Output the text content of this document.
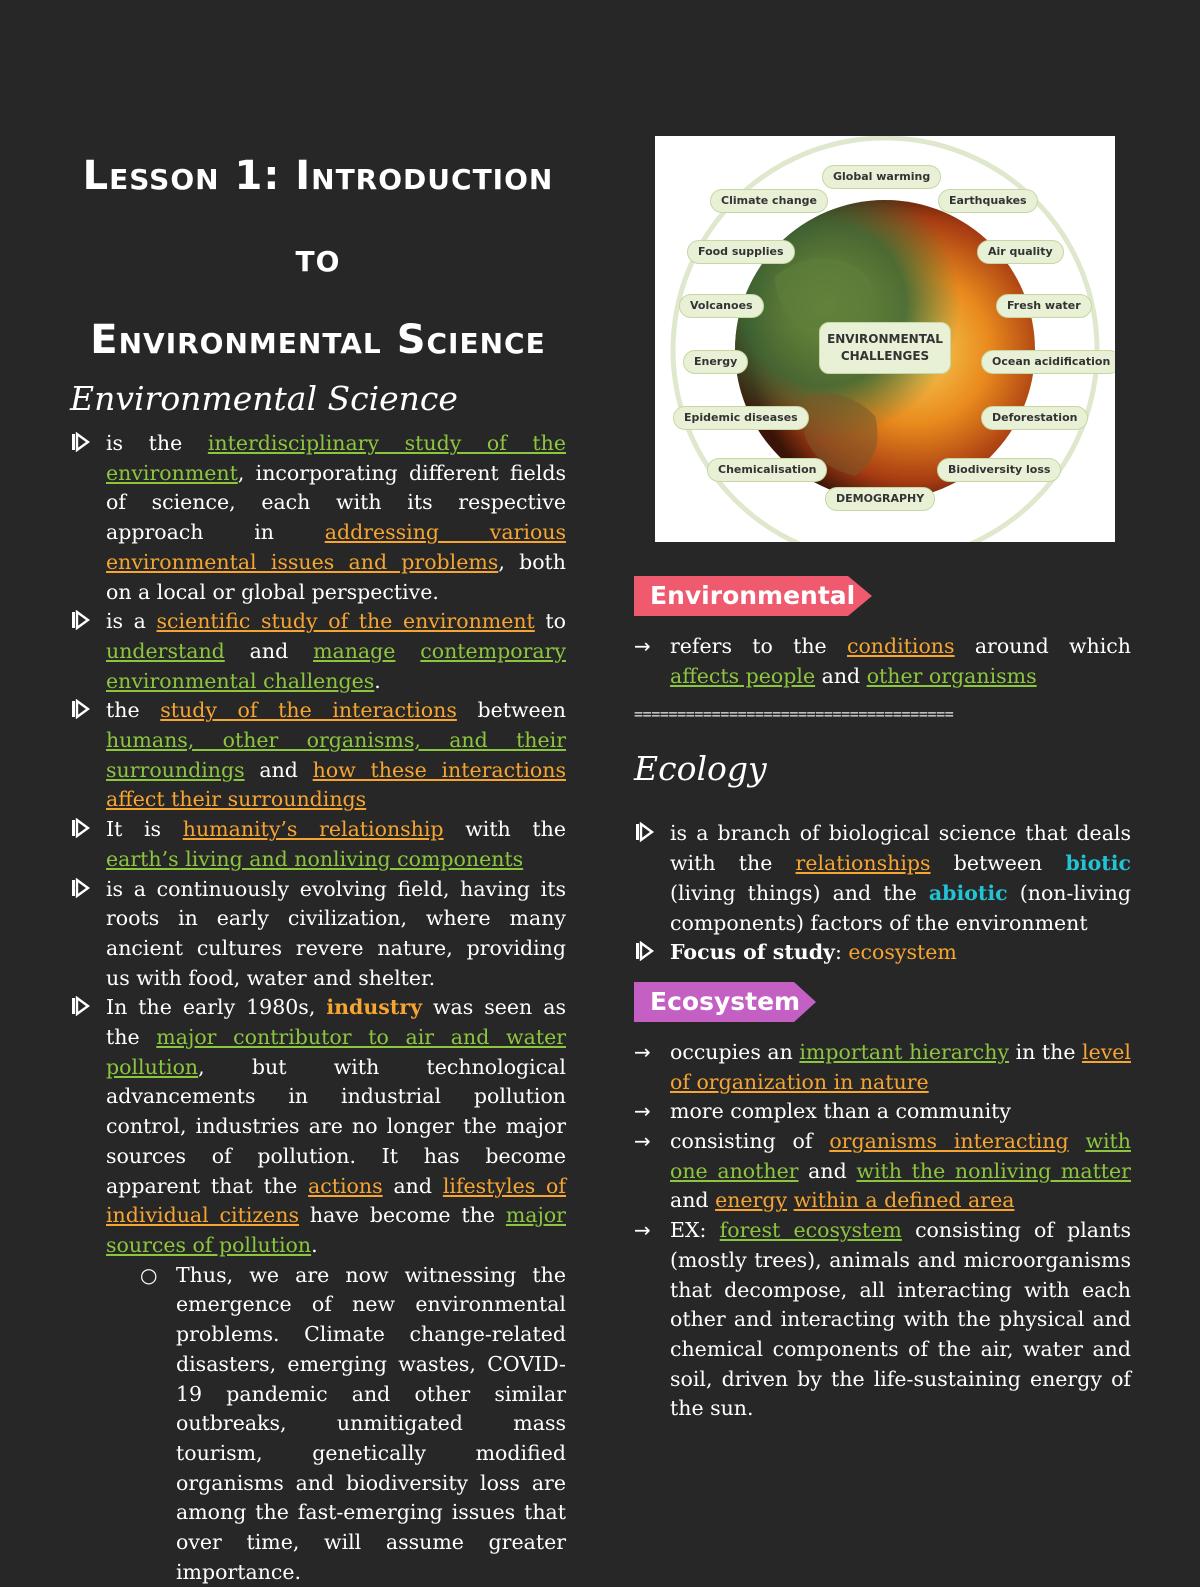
Lesson 1: Introduction to
Environmental Science
Environmental Science
is the interdisciplinary study of the environment, incorporating different fields of science, each with its respective approach in addressing various environmental issues and problems, both on a local or global perspective.
is a scientific study of the environment to understand and manage contemporary environmental challenges.
the study of the interactions between humans, other organisms, and their surroundings and how these interactions affect their surroundings
It is humanity’s relationship with the earth’s living and nonliving components
is a continuously evolving field, having its roots in early civilization, where many ancient cultures revere nature, providing us with food, water and shelter.
In the early 1980s, industry was seen as the major contributor to air and water pollution, but with technological advancements in industrial pollution control, industries are no longer the major sources of pollution. It has become apparent that the actions and lifestyles of individual citizens have become the major sources of pollution.
○ Thus, we are now witnessing the emergence of new environmental problems. Climate change-related disasters, emerging wastes, COVID-19 pandemic and other similar outbreaks, unmitigated mass tourism, genetically modified organisms and biodiversity loss are among the fast-emerging issues that over time, will assume greater importance.
Global warming
Climate change	Earthquakes
Food supplies	Air quality
Volcanoes	Fresh water
Energy
ENVIRONMENTAL
CHALLENGES	Ocean acidification
Epidemic diseases	Deforestation
Chemicalisation	Biodiversity loss
DEMOGRAPHY
Environmental
→ refers to the conditions around which affects people and other organisms
=====================================
Ecology
is a branch of biological science that deals with the relationships between biotic (living things) and the abiotic (non-living components) factors of the environment
Focus of study: ecosystem
Ecosystem
→ occupies an important hierarchy in the level of organization in nature
→ more complex than a community
→ consisting of organisms interacting with one another and with the nonliving matter and energy within a defined area
→ EX: forest ecosystem consisting of plants (mostly trees), animals and microorganisms that decompose, all interacting with each other and interacting with the physical and chemical components of the air, water and soil, driven by the life-sustaining energy of the sun.
